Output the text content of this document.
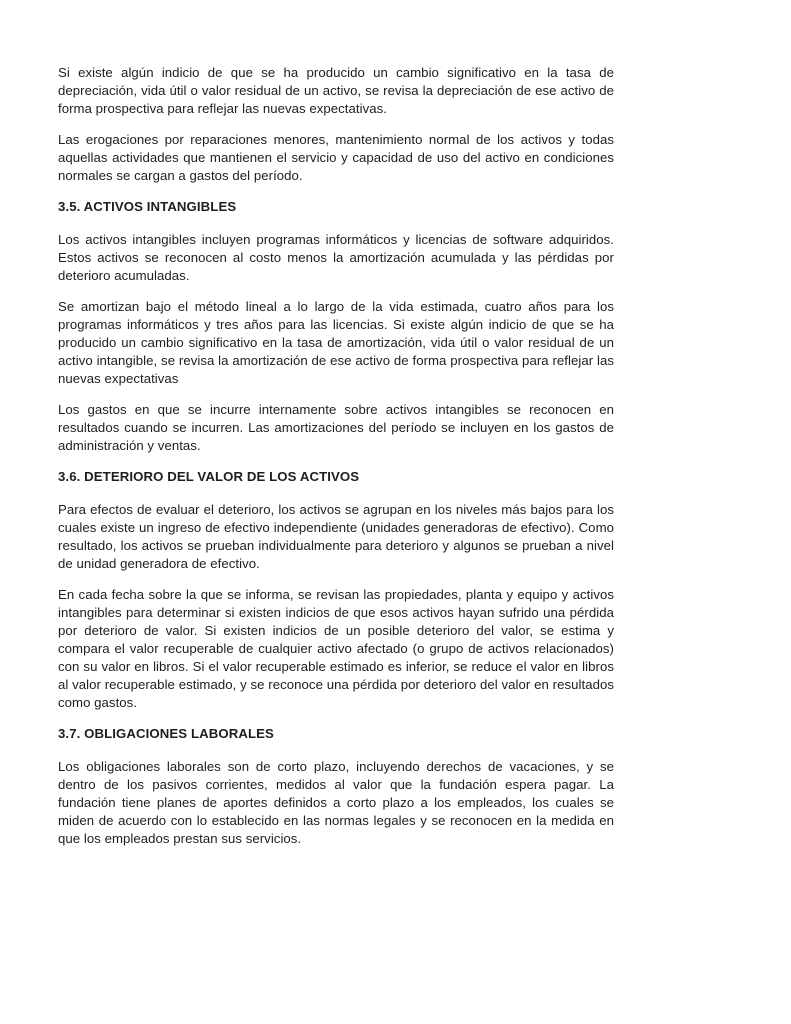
Si existe algún indicio de que se ha producido un cambio significativo en la tasa de depreciación, vida útil o valor residual de un activo, se revisa la depreciación de ese activo de forma prospectiva para reflejar las nuevas expectativas.

Las erogaciones por reparaciones menores, mantenimiento normal de los activos y todas aquellas actividades que mantienen el servicio y capacidad de uso del activo en condiciones normales se cargan a gastos del período.

3.5. ACTIVOS INTANGIBLES

Los activos intangibles incluyen programas informáticos y licencias de software adquiridos. Estos activos se reconocen al costo menos la amortización acumulada y las pérdidas por deterioro acumuladas.

Se amortizan bajo el método lineal a lo largo de la vida estimada, cuatro años para los programas informáticos y tres años para las licencias. Si existe algún indicio de que se ha producido un cambio significativo en la tasa de amortización, vida útil o valor residual de un activo intangible, se revisa la amortización de ese activo de forma prospectiva para reflejar las nuevas expectativas

Los gastos en que se incurre internamente sobre activos intangibles se reconocen en resultados cuando se incurren. Las amortizaciones del período se incluyen en los gastos de administración y ventas.

3.6. DETERIORO DEL VALOR DE LOS ACTIVOS

Para efectos de evaluar el deterioro, los activos se agrupan en los niveles más bajos para los cuales existe un ingreso de efectivo independiente (unidades generadoras de efectivo). Como resultado, los activos se prueban individualmente para deterioro y algunos se prueban a nivel de unidad generadora de efectivo.

En cada fecha sobre la que se informa, se revisan las propiedades, planta y equipo y activos intangibles para determinar si existen indicios de que esos activos hayan sufrido una pérdida por deterioro de valor. Si existen indicios de un posible deterioro del valor, se estima y compara el valor recuperable de cualquier activo afectado (o grupo de activos relacionados) con su valor en libros. Si el valor recuperable estimado es inferior, se reduce el valor en libros al valor recuperable estimado, y se reconoce una pérdida por deterioro del valor en resultados como gastos.

3.7. OBLIGACIONES LABORALES

Los obligaciones laborales son de corto plazo, incluyendo derechos de vacaciones, y se dentro de los pasivos corrientes, medidos al valor que la fundación espera pagar. La fundación tiene planes de aportes definidos a corto plazo a los empleados, los cuales se miden de acuerdo con lo establecido en las normas legales y se reconocen en la medida en que los empleados prestan sus servicios.
